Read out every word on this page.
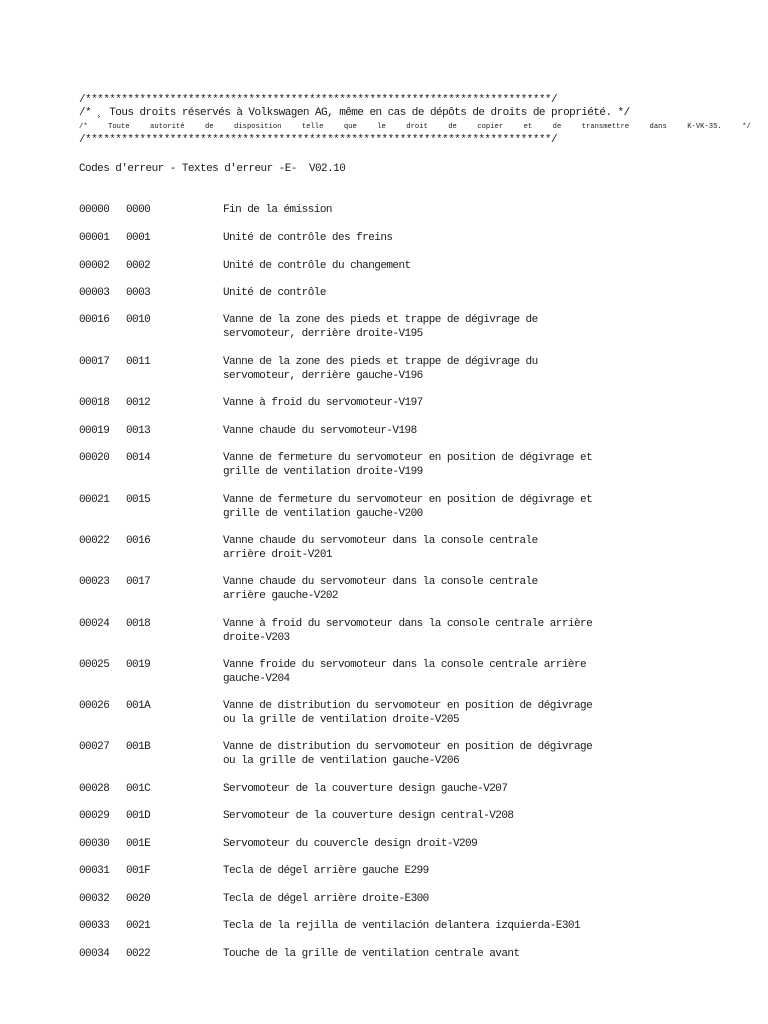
/*****************************************************************************/
/* ¸ Tous droits réservés à Volkswagen AG, même en cas de dépôts de droits de propriété. */
/*	Toute	autorité	de	disposition	telle	que	le	droit	de	copier	et	de	transmettre	dans	K-VK-35.	*/
/*****************************************************************************/
Codes d'erreur - Textes d'erreur -E-  V02.10
00000 0000	Fin de la émission
00001 0001	Unité de contrôle des freins
00002 0002	Unité de contrôle du changement
00003 0003	Unité de contrôle
00016 0010	Vanne de la zone des pieds et trappe de dégivrage de
servomoteur, derrière droite-V195
00017 0011	Vanne de la zone des pieds et trappe de dégivrage du
servomoteur, derrière gauche-V196
00018 0012	Vanne à froid du servomoteur-V197
00019 0013	Vanne chaude du servomoteur-V198
00020 0014	Vanne de fermeture du servomoteur en position de dégivrage et
grille de ventilation droite-V199
00021 0015	Vanne de fermeture du servomoteur en position de dégivrage et
grille de ventilation gauche-V200
00022 0016	Vanne chaude du servomoteur dans la console centrale
arrière droit-V201
00023 0017	Vanne chaude du servomoteur dans la console centrale
arrière gauche-V202
00024 0018	Vanne à froid du servomoteur dans la console centrale arrière
droite-V203
00025 0019	Vanne froide du servomoteur dans la console centrale arrière
gauche-V204
00026 001A	Vanne de distribution du servomoteur en position de dégivrage
ou la grille de ventilation droite-V205
00027 001B	Vanne de distribution du servomoteur en position de dégivrage
ou la grille de ventilation gauche-V206
00028 001C	Servomoteur de la couverture design gauche-V207
00029 001D	Servomoteur de la couverture design central-V208
00030 001E	Servomoteur du couvercle design droit-V209
00031 001F	Tecla de dégel arrière gauche E299
00032 0020	Tecla de dégel arrière droite-E300
00033 0021	Tecla de la rejilla de ventilación delantera izquierda-E301
00034 0022	Touche de la grille de ventilation centrale avant
